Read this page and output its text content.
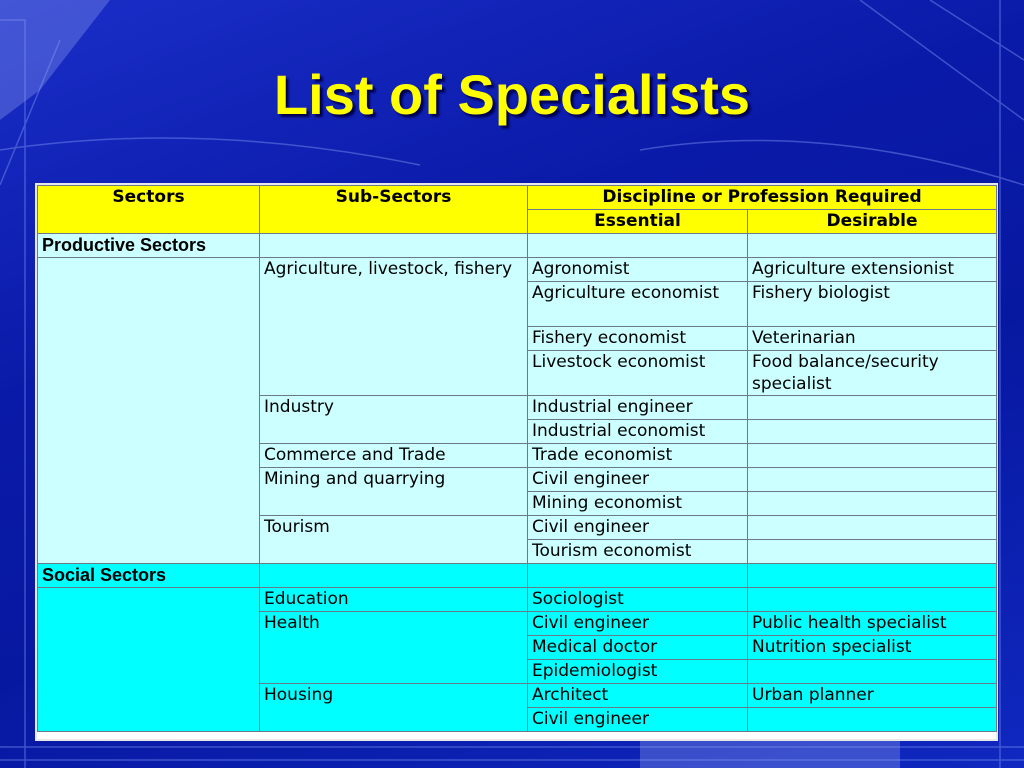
List of Specialists
Sectors	Sub-Sectors	Discipline or Profession Required	
		Essential	Desirable
Productive Sectors			
	Agriculture, livestock, fishery	Agronomist	Agriculture extensionist
		Agriculture economist	Fishery biologist
		Fishery economist	Veterinarian
		Livestock economist	Food balance/security specialist
	Industry	Industrial engineer	
		Industrial economist	
	Commerce and Trade	Trade economist	
	Mining and quarrying	Civil engineer	
		Mining economist	
	Tourism	Civil engineer	
		Tourism economist	
Social Sectors			
	Education	Sociologist	
	Health	Civil engineer	Public health specialist
		Medical doctor	Nutrition specialist
		Epidemiologist	
	Housing	Architect	Urban planner
		Civil engineer	
